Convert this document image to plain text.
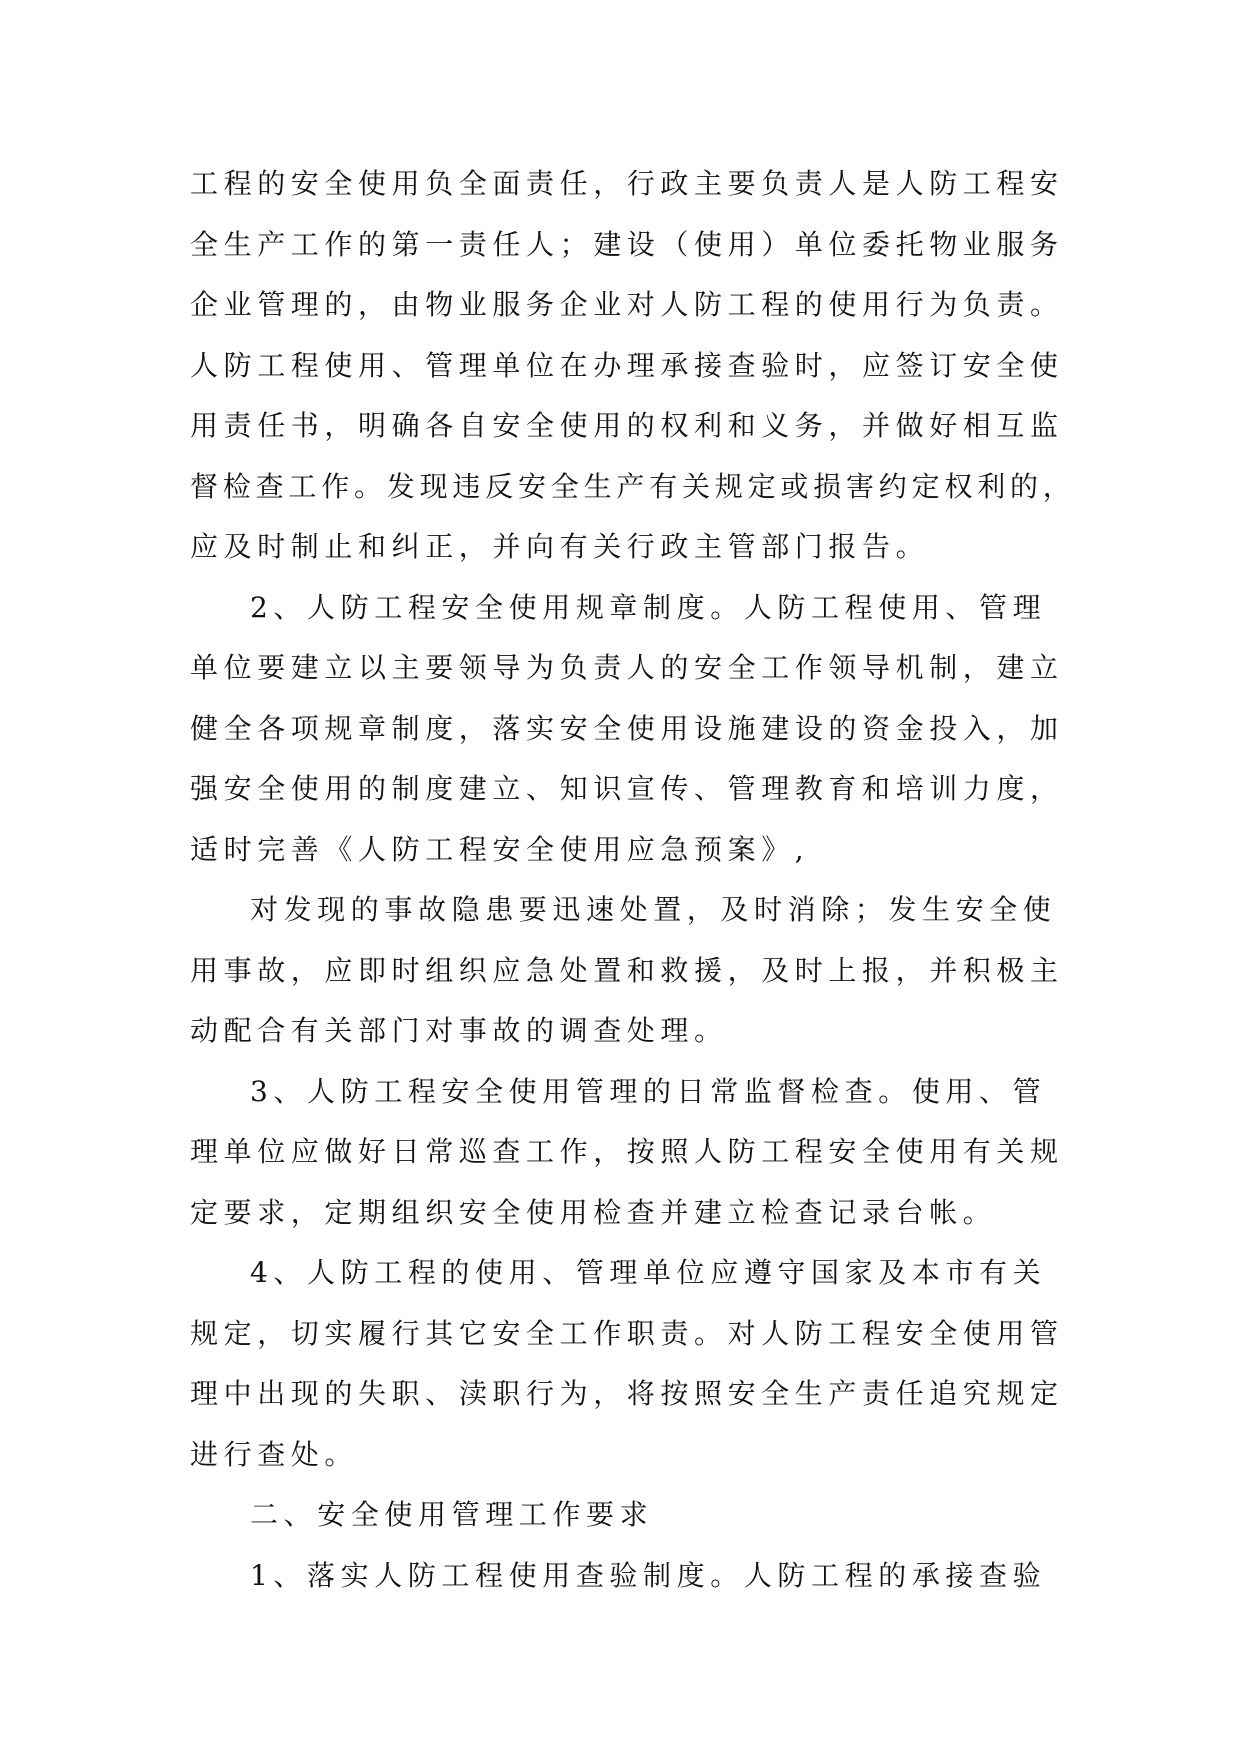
工程的安全使用负全面责任，行政主要负责人是人防工程安
全生产工作的第一责任人；建设（使用）单位委托物业服务
企业管理的，由物业服务企业对人防工程的使用行为负责。
人防工程使用、管理单位在办理承接查验时，应签订安全使
用责任书，明确各自安全使用的权利和义务，并做好相互监
督检查工作。发现违反安全生产有关规定或损害约定权利的，
应及时制止和纠正，并向有关行政主管部门报告。
2、人防工程安全使用规章制度。人防工程使用、管理
单位要建立以主要领导为负责人的安全工作领导机制，建立
健全各项规章制度，落实安全使用设施建设的资金投入，加
强安全使用的制度建立、知识宣传、管理教育和培训力度，
适时完善《人防工程安全使用应急预案》,
对发现的事故隐患要迅速处置，及时消除；发生安全使
用事故，应即时组织应急处置和救援，及时上报，并积极主
动配合有关部门对事故的调查处理。
3、人防工程安全使用管理的日常监督检查。使用、管
理单位应做好日常巡查工作，按照人防工程安全使用有关规
定要求，定期组织安全使用检查并建立检查记录台帐。
4、人防工程的使用、管理单位应遵守国家及本市有关
规定，切实履行其它安全工作职责。对人防工程安全使用管
理中出现的失职、渎职行为，将按照安全生产责任追究规定
进行查处。
二、安全使用管理工作要求
1、落实人防工程使用查验制度。人防工程的承接查验
